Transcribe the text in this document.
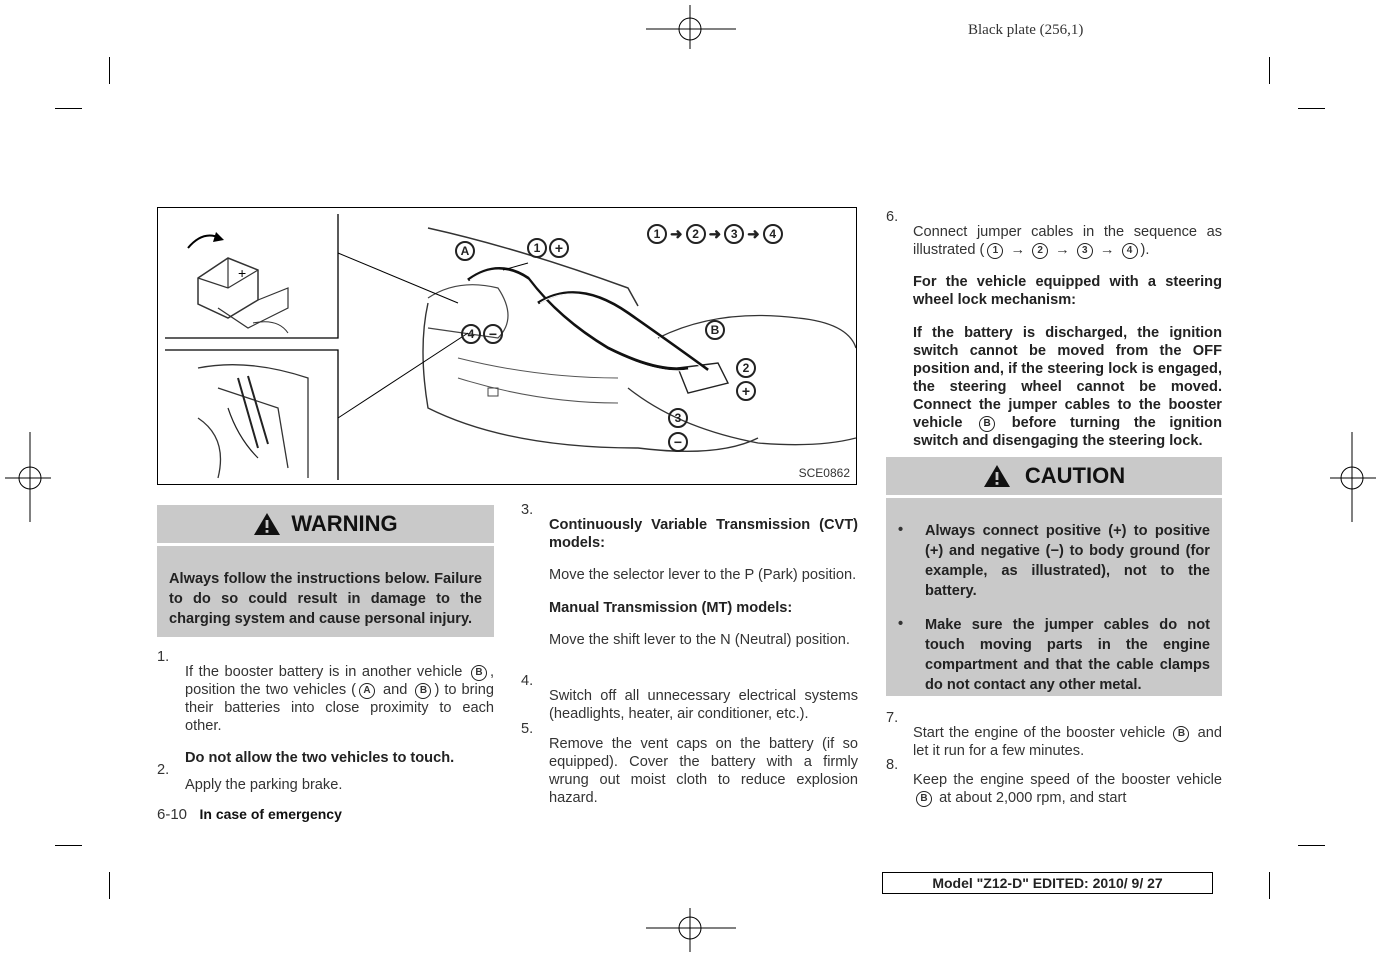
Black plate (256,1)
+
1 ➜ 2 ➜ 3 ➜ 4
A	1	+
4	−	B
2
+
3
−
SCE0862
WARNING

Always follow the instructions below. Failure to do so could result in damage to the charging system and cause personal injury.

1.

If the booster battery is in another vehicle B , position the two vehicles ( A and B ) to bring their batteries into close proximity to each other.

Do not allow the two vehicles to touch.

2.

Apply the parking brake.

3.

Continuously Variable Transmission (CVT) models:

Move the selector lever to the P (Park) position.

Manual Transmission (MT) models:

Move the shift lever to the N (Neutral) position.

4.

Switch off all unnecessary electrical systems (headlights, heater, air conditioner, etc.).

5.

Remove the vent caps on the battery (if so equipped). Cover the battery with a firmly wrung out moist cloth to reduce explosion hazard.

6.

Connect jumper cables in the sequence as illustrated ( 1 → 2 → 3 → 4 ).

For the vehicle equipped with a steering wheel lock mechanism:

If the battery is discharged, the ignition switch cannot be moved from the OFF position and, if the steering lock is engaged, the steering wheel cannot be moved. Connect the jumper cables to the booster vehicle B before turning the ignition switch and disengaging the steering lock.

CAUTION
• Always connect positive (+) to positive (+) and negative (−) to body ground (for example, as illustrated), not to the battery.

• Make sure the jumper cables do not touch moving parts in the engine compartment and that the cable clamps do not contact any other metal.

7.

Start the engine of the booster vehicle B and let it run for a few minutes.

8.

Keep the engine speed of the booster vehicle B at about 2,000 rpm, and start

6-10 In case of emergency
Model "Z12-D" EDITED: 2010/ 9/ 27
